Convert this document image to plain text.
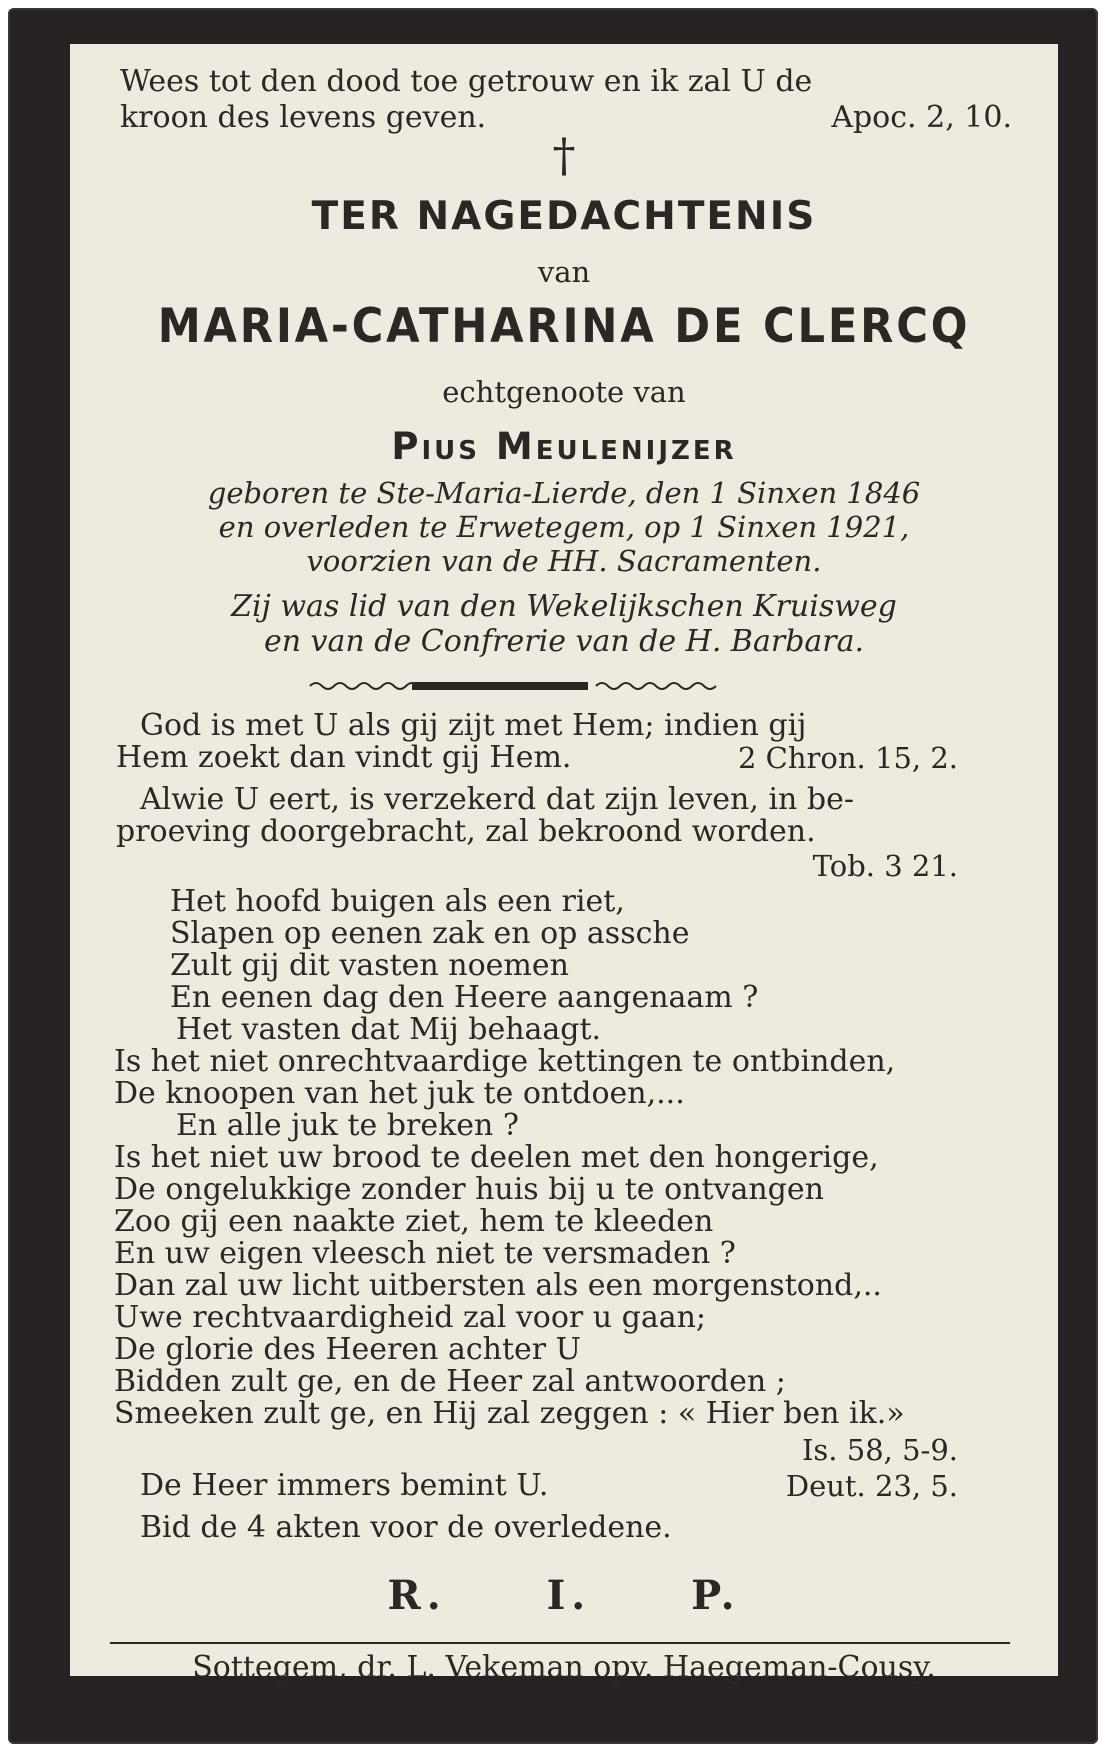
Wees tot den dood toe getrouw en ik zal U de

kroon des levens geven.	Apoc. 2, 10.

†

TER NAGEDACHTENIS

van

MARIA-CATHARINA DE CLERCQ

echtgenoote van

Pius Meulenijzer

geboren te Ste-Maria-Lierde, den 1 Sinxen 1846

en overleden te Erwetegem, op 1 Sinxen 1921,

voorzien van de HH. Sacramenten.

Zij was lid van den Wekelijkschen Kruisweg

en van de Confrerie van de H. Barbara.

God is met U als gij zijt met Hem; indien gij

Hem zoekt dan vindt gij Hem.	2 Chron. 15, 2.

Alwie U eert, is verzekerd dat zijn leven, in be-

proeving doorgebracht, zal bekroond worden.

Tob. 3 21.

Het hoofd buigen als een riet,

Slapen op eenen zak en op assche

Zult gij dit vasten noemen

En eenen dag den Heere aangenaam ?

Het vasten dat Mij behaagt.

Is het niet onrechtvaardige kettingen te ontbinden,

De knoopen van het juk te ontdoen,...

En alle juk te breken ?

Is het niet uw brood te deelen met den hongerige,

De ongelukkige zonder huis bij u te ontvangen

Zoo gij een naakte ziet, hem te kleeden

En uw eigen vleesch niet te versmaden ?

Dan zal uw licht uitbersten als een morgenstond,..

Uwe rechtvaardigheid zal voor u gaan;

De glorie des Heeren achter U

Bidden zult ge, en de Heer zal antwoorden ;

Smeeken zult ge, en Hij zal zeggen : « Hier ben ik.»

Is. 58, 5-9.

De Heer immers bemint U.	Deut. 23, 5.

Bid de 4 akten voor de overledene.

R. I. P.

Sottegem, dr. L. Vekeman opv. Haegeman-Cousy.
